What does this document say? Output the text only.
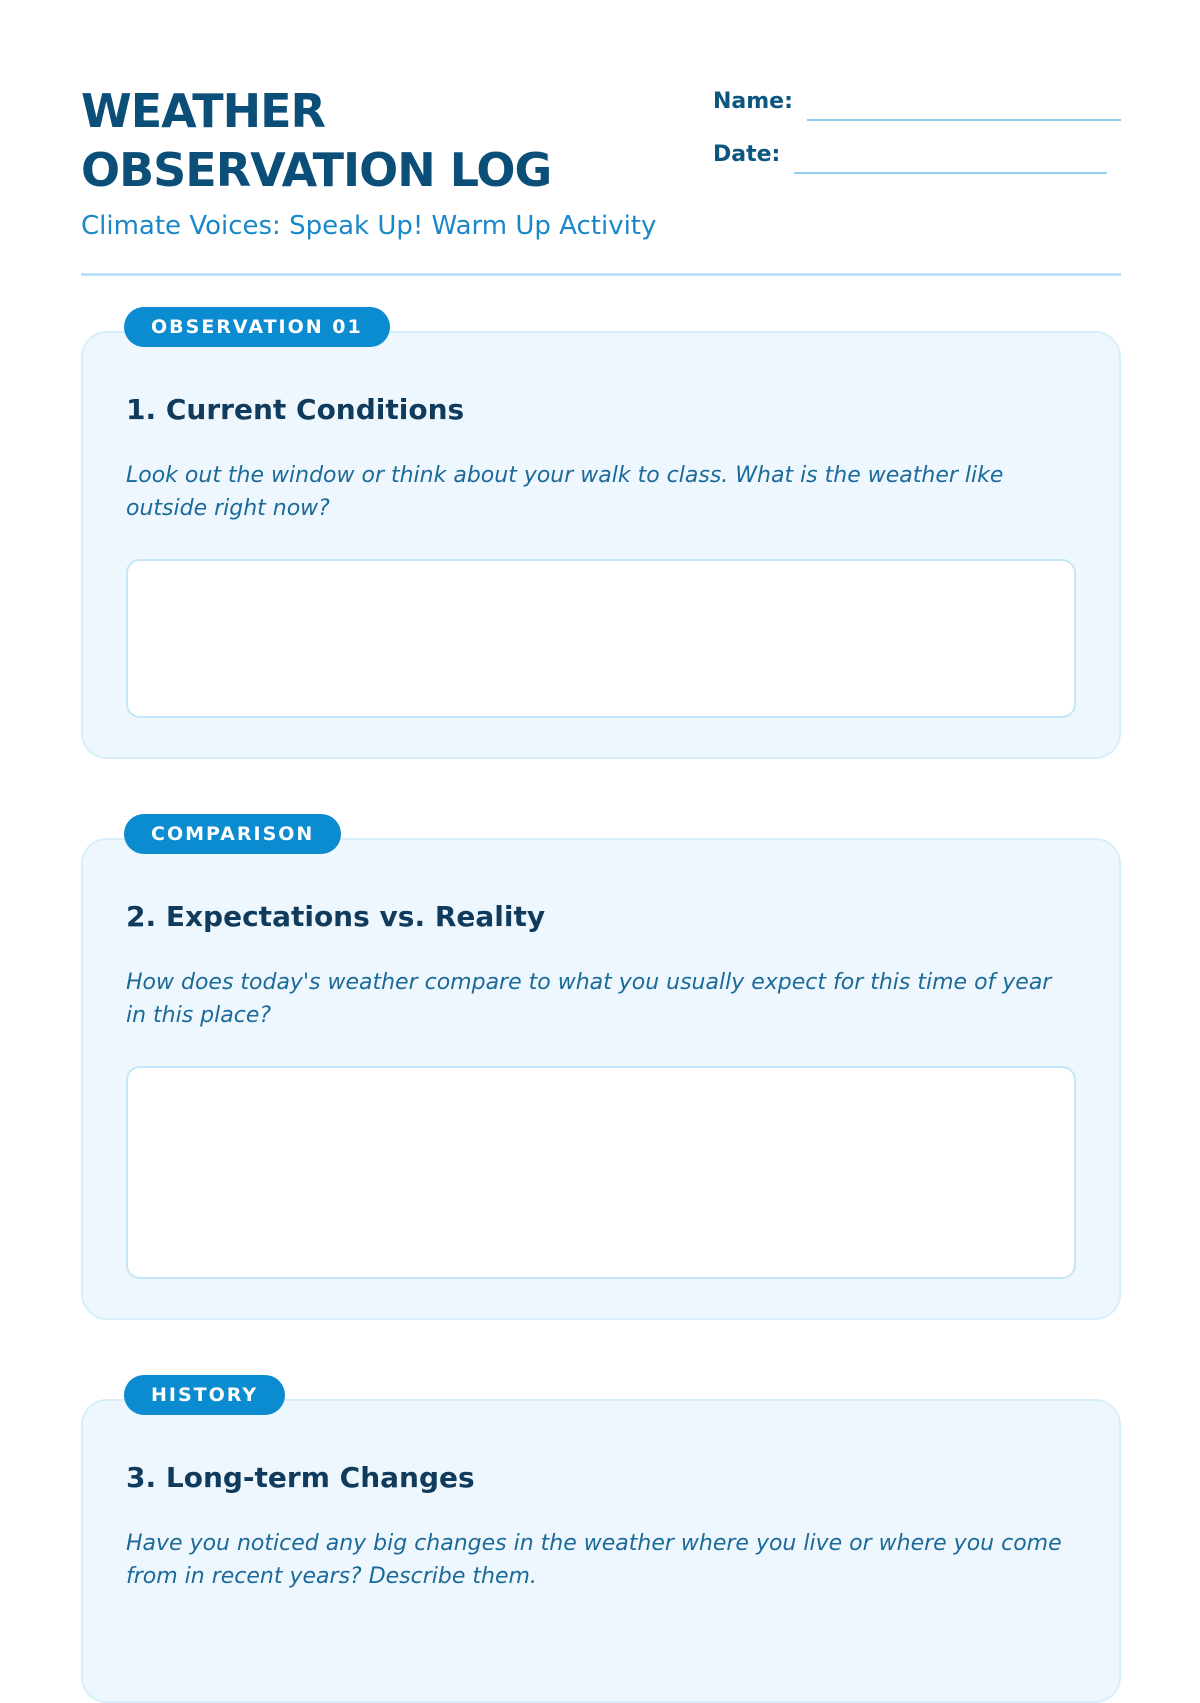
WEATHER
OBSERVATION LOG

Climate Voices: Speak Up! Warm Up Activity

Name:
Date:
OBSERVATION 01
1. Current Conditions

Look out the window or think about your walk to class. What is the weather like outside right now?

COMPARISON
2. Expectations vs. Reality

How does today's weather compare to what you usually expect for this time of year in this place?

HISTORY
3. Long-term Changes

Have you noticed any big changes in the weather where you live or where you come from in recent years? Describe them.
